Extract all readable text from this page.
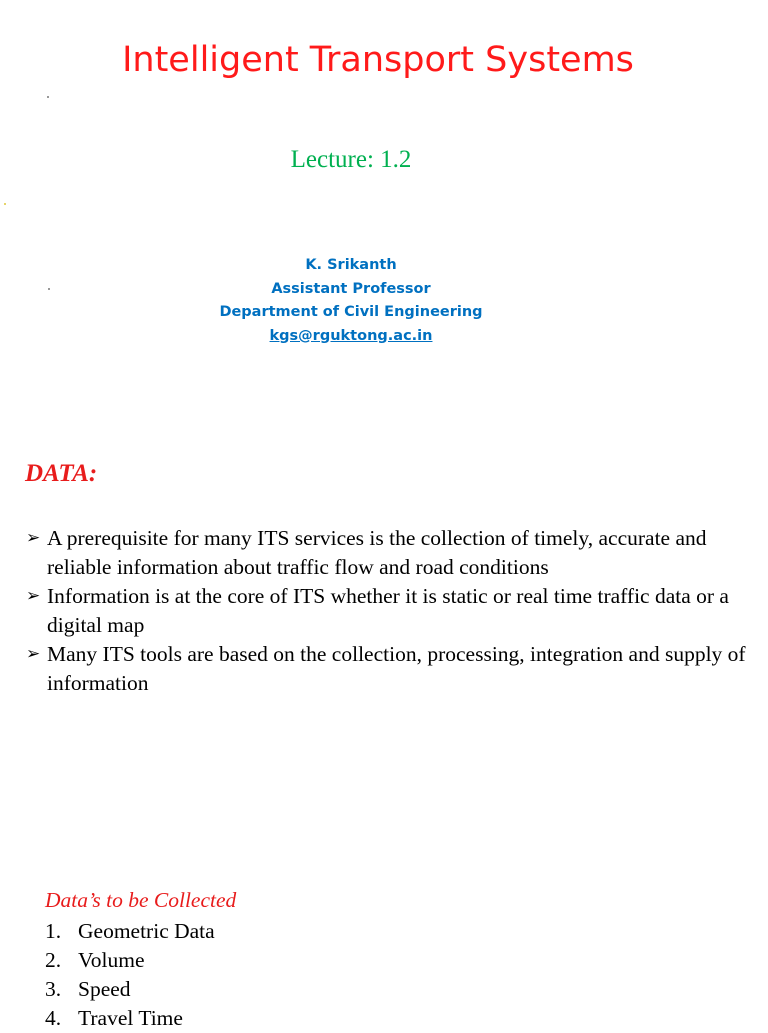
Intelligent Transport Systems
Lecture: 1.2
K. Srikanth
Assistant Professor
Department of Civil Engineering
kgs@rguktong.ac.in
DATA:
➢ A prerequisite for many ITS services is the collection of timely, accurate and reliable information about traffic flow and road conditions
➢ Information is at the core of ITS whether it is static or real time traffic data or a digital map
➢ Many ITS tools are based on the collection, processing, integration and supply of information
Data’s to be Collected
1. Geometric Data
2. Volume
3. Speed
4. Travel Time
